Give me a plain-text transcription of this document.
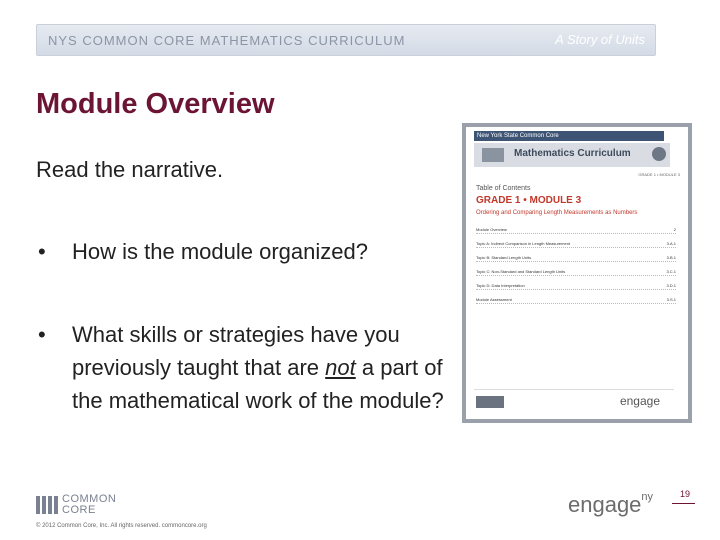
NYS COMMON CORE MATHEMATICS CURRICULUM	A Story of Units
Module Overview
Read the narrative.
• How is the module organized?
• What skills or strategies have you previously taught that are not a part of the mathematical work of the module?
New York State Common Core
Mathematics Curriculum
GRADE 1 • MODULE 3
Table of Contents
GRADE 1 • MODULE 3
Ordering and Comparing Length Measurements as Numbers
Module Overview	2
Topic A: Indirect Comparison in Length Measurement	3.A.1
Topic B: Standard Length Units	3.B.1
Topic C: Non-Standard and Standard Length Units	3.C.1
Topic D: Data Interpretation	3.D.1
Module Assessment	3.S.1
engage
COMMON
CORE
© 2012 Common Core, Inc. All rights reserved. commoncore.org
engage$^{ny}$	19
